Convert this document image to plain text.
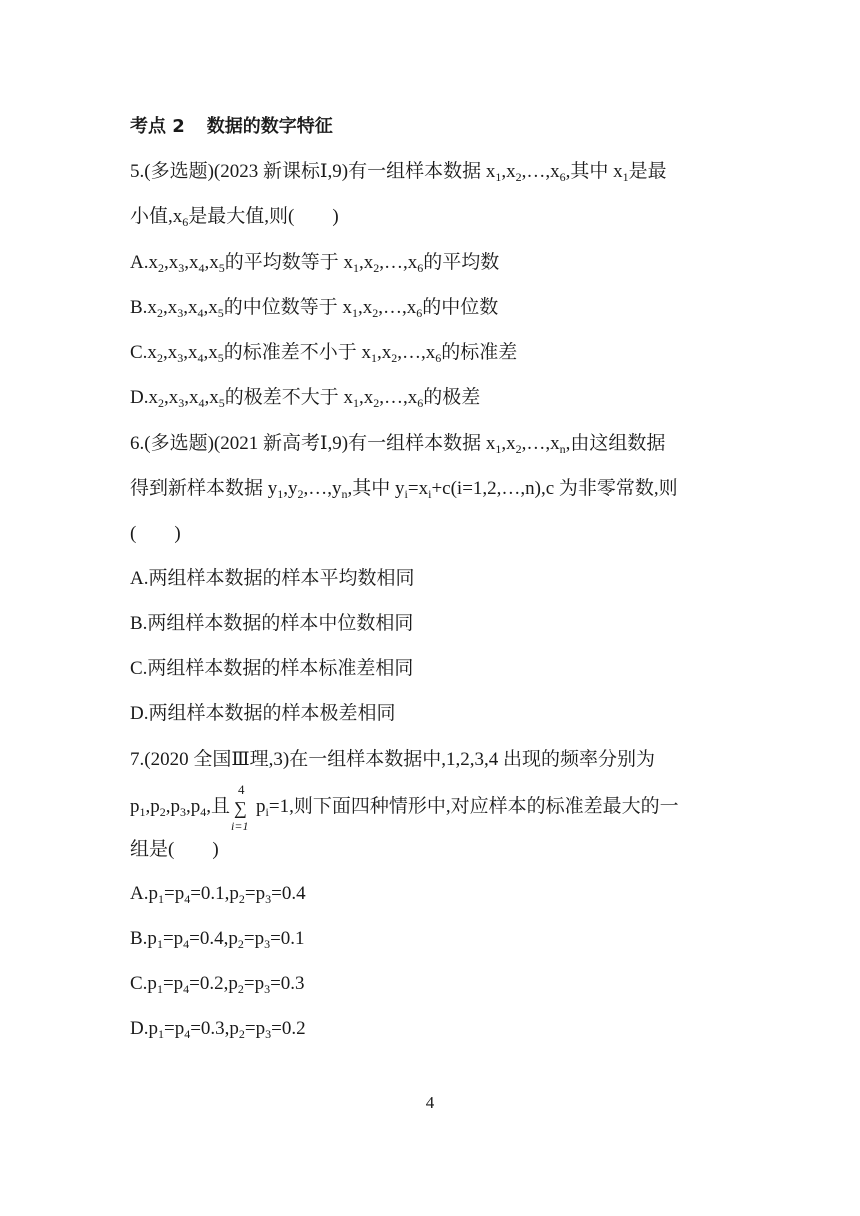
考点 2 数据的数字特征
5.(多选题)(2023 新课标Ⅰ,9)有一组样本数据 $x_1,x_2,\dots,x_6$,其中 $x_1$是最
小值$,x_6$是最大值,则( )
$A.x_2,x_3,x_4,x_5$的平均数等于 $x_1,x_2,\dots,x_6$的平均数
$B.x_2,x_3,x_4,x_5$的中位数等于 $x_1,x_2,\dots,x_6$的中位数
$C.x_2,x_3,x_4,x_5$的标准差不小于 $x_1,x_2,\dots,x_6$的标准差
$D.x_2,x_3,x_4,x_5$的极差不大于 $x_1,x_2,\dots,x_6$的极差
6.(多选题)(2021 新高考Ⅰ,9)有一组样本数据 $x_1,x_2,\dots,x_n$,由这组数据
得到新样本数据 $y_1,y_2,\dots,y_n$,其中 $y_i=x_i+c(i=1,2,\dots,n),c$ 为非零常数,则
( )
A.两组样本数据的样本平均数相同
B.两组样本数据的样本中位数相同
C.两组样本数据的样本标准差相同
D.两组样本数据的样本极差相同
7.(2020 全国Ⅲ理,3)在一组样本数据中,1,2,3,4 出现的频率分别为
$p_1,p_2,p_3,p_4$,且
4
∑
i=1
$p_i=1$,则下面四种情形中,对应样本的标准差最大的一
组是( )
$A.p_1=p_4=0.1,p_2=p_3=0.4$
$B.p_1=p_4=0.4,p_2=p_3=0.1$
$C.p_1=p_4=0.2,p_2=p_3=0.3$
$D.p_1=p_4=0.3,p_2=p_3=0.2$
4
